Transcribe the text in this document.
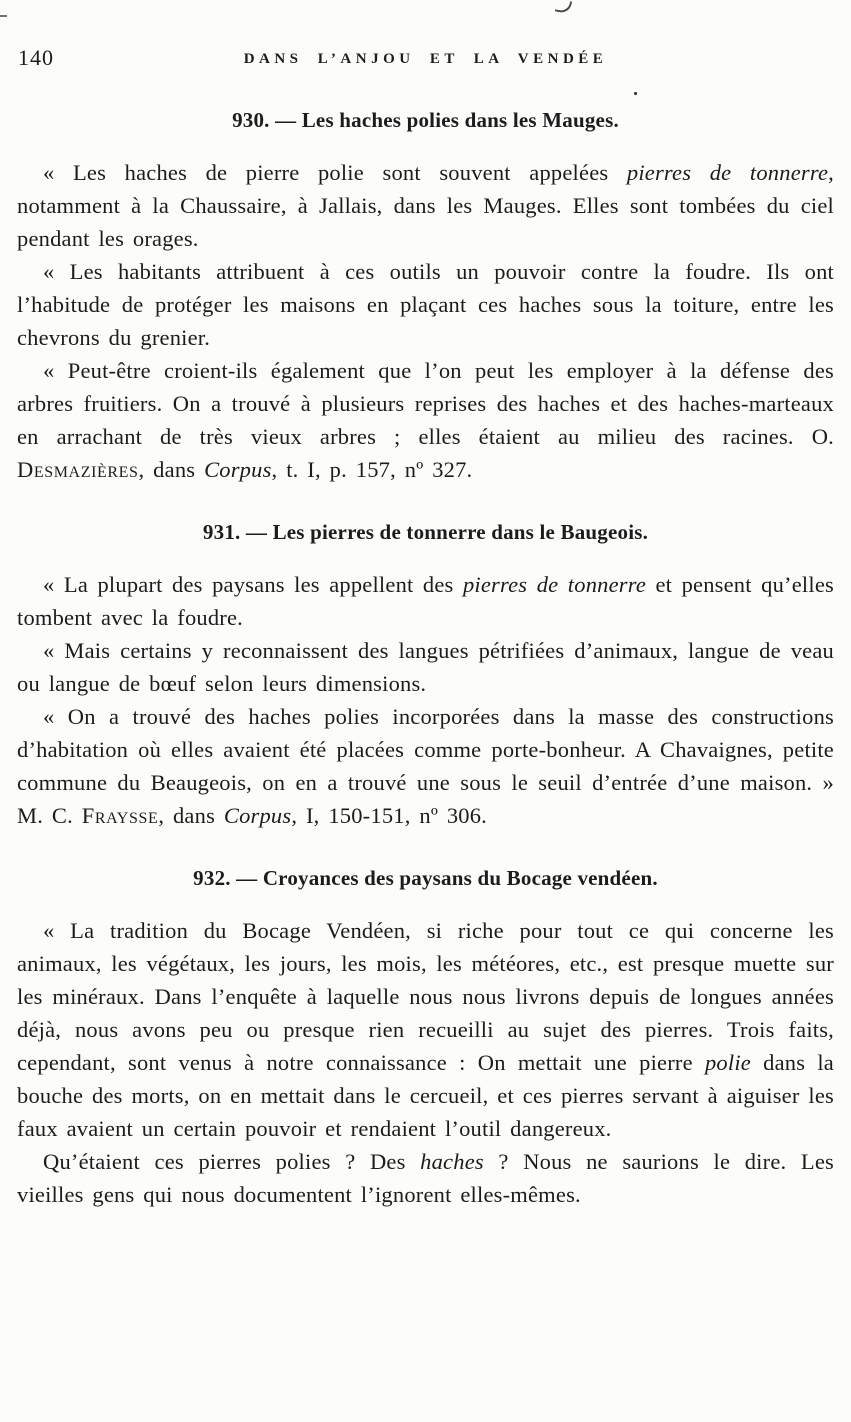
140	DANS L’ANJOU ET LA VENDÉE
930. — Les haches polies dans les Mauges.

« Les haches de pierre polie sont souvent appelées pierres de tonnerre, notamment à la Chaussaire, à Jallais, dans les Mauges. Elles sont tombées du ciel pendant les orages.

« Les habitants attribuent à ces outils un pouvoir contre la foudre. Ils ont l’habitude de protéger les maisons en plaçant ces haches sous la toiture, entre les chevrons du grenier.

« Peut-être croient-ils également que l’on peut les employer à la défense des arbres fruitiers. On a trouvé à plusieurs reprises des haches et des haches-marteaux en arrachant de très vieux arbres ; elles étaient au milieu des racines. O. Desmazières, dans Corpus, t. I, p. 157, nº 327.

931. — Les pierres de tonnerre dans le Baugeois.

« La plupart des paysans les appellent des pierres de tonnerre et pensent qu’elles tombent avec la foudre.

« Mais certains y reconnaissent des langues pétrifiées d’animaux, langue de veau ou langue de bœuf selon leurs dimensions.

« On a trouvé des haches polies incorporées dans la masse des constructions d’habitation où elles avaient été placées comme porte-bonheur. A Chavaignes, petite commune du Beaugeois, on en a trouvé une sous le seuil d’entrée d’une maison. » M. C. Fraysse, dans Corpus, I, 150-151, nº 306.

932. — Croyances des paysans du Bocage vendéen.

« La tradition du Bocage Vendéen, si riche pour tout ce qui concerne les animaux, les végétaux, les jours, les mois, les météores, etc., est presque muette sur les minéraux. Dans l’enquête à laquelle nous nous livrons depuis de longues années déjà, nous avons peu ou presque rien recueilli au sujet des pierres. Trois faits, cependant, sont venus à notre connaissance : On mettait une pierre polie dans la bouche des morts, on en mettait dans le cercueil, et ces pierres servant à aiguiser les faux avaient un certain pouvoir et rendaient l’outil dangereux.

Qu’étaient ces pierres polies ? Des haches ? Nous ne saurions le dire. Les vieilles gens qui nous documentent l’ignorent elles-mêmes.
